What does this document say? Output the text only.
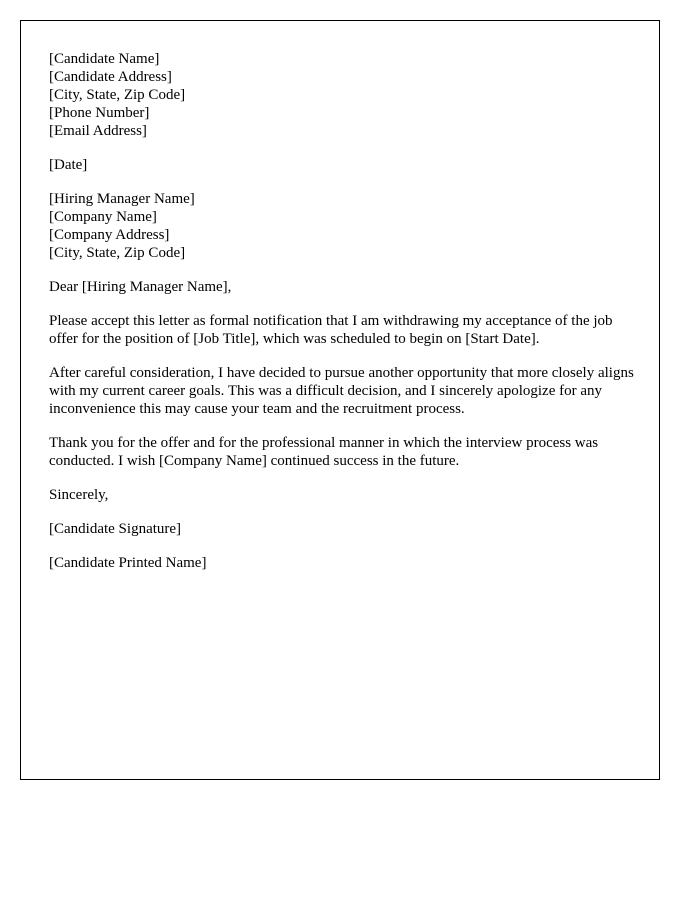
[Candidate Name]
[Candidate Address]
[City, State, Zip Code]
[Phone Number]
[Email Address]
[Date]
[Hiring Manager Name]
[Company Name]
[Company Address]
[City, State, Zip Code]
Dear [Hiring Manager Name],

Please accept this letter as formal notification that I am withdrawing my acceptance of the job offer for the position of [Job Title], which was scheduled to begin on [Start Date].

After careful consideration, I have decided to pursue another opportunity that more closely aligns with my current career goals. This was a difficult decision, and I sincerely apologize for any inconvenience this may cause your team and the recruitment process.

Thank you for the offer and for the professional manner in which the interview process was conducted. I wish [Company Name] continued success in the future.

Sincerely,
[Candidate Signature]
[Candidate Printed Name]
